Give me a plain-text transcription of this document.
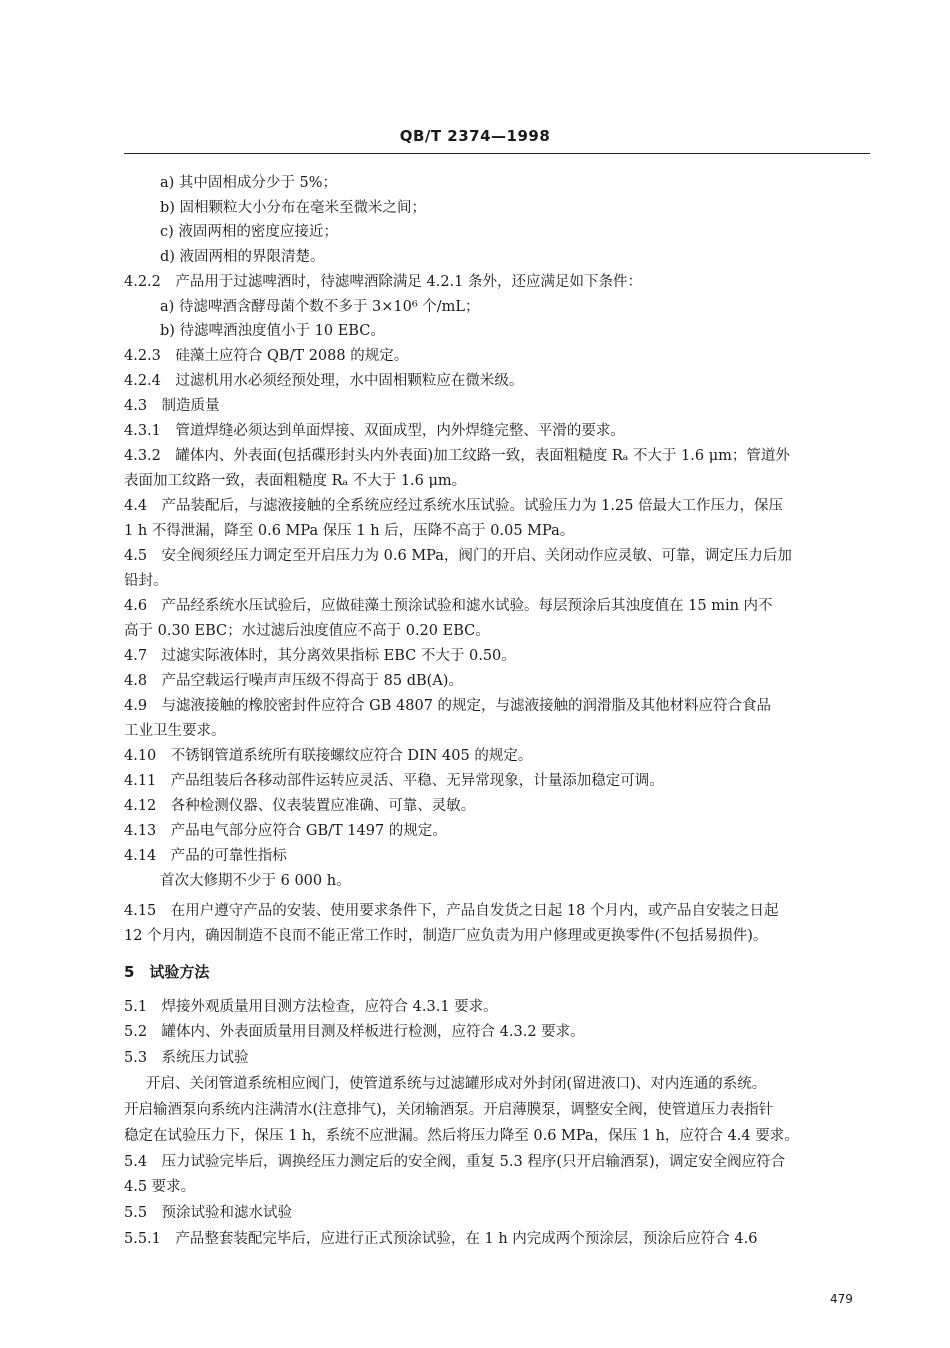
QB/T 2374—1998
a) 其中固相成分少于 5%；
b) 固相颗粒大小分布在毫米至微米之间；
c) 液固两相的密度应接近；
d) 液固两相的界限清楚。
4.2.2　产品用于过滤啤酒时，待滤啤酒除满足 4.2.1 条外，还应满足如下条件：
a) 待滤啤酒含酵母菌个数不多于 3×10⁶ 个/mL；
b) 待滤啤酒浊度值小于 10 EBC。
4.2.3　硅藻土应符合 QB/T 2088 的规定。
4.2.4　过滤机用水必须经预处理，水中固相颗粒应在微米级。
4.3　制造质量
4.3.1　管道焊缝必须达到单面焊接、双面成型，内外焊缝完整、平滑的要求。
4.3.2　罐体内、外表面(包括碟形封头内外表面)加工纹路一致，表面粗糙度 Rₐ 不大于 1.6 μm；管道外
表面加工纹路一致，表面粗糙度 Rₐ 不大于 1.6 μm。
4.4　产品装配后，与滤液接触的全系统应经过系统水压试验。试验压力为 1.25 倍最大工作压力，保压
1 h 不得泄漏，降至 0.6 MPa 保压 1 h 后，压降不高于 0.05 MPa。
4.5　安全阀须经压力调定至开启压力为 0.6 MPa，阀门的开启、关闭动作应灵敏、可靠，调定压力后加
铅封。
4.6　产品经系统水压试验后，应做硅藻土预涂试验和滤水试验。每层预涂后其浊度值在 15 min 内不
高于 0.30 EBC；水过滤后浊度值应不高于 0.20 EBC。
4.7　过滤实际液体时，其分离效果指标 EBC 不大于 0.50。
4.8　产品空载运行噪声声压级不得高于 85 dB(A)。
4.9　与滤液接触的橡胶密封件应符合 GB 4807 的规定，与滤液接触的润滑脂及其他材料应符合食品
工业卫生要求。
4.10　不锈钢管道系统所有联接螺纹应符合 DIN 405 的规定。
4.11　产品组装后各移动部件运转应灵活、平稳、无异常现象，计量添加稳定可调。
4.12　各种检测仪器、仪表装置应准确、可靠、灵敏。
4.13　产品电气部分应符合 GB/T 1497 的规定。
4.14　产品的可靠性指标
首次大修期不少于 6 000 h。
4.15　在用户遵守产品的安装、使用要求条件下，产品自发货之日起 18 个月内，或产品自安装之日起
12 个月内，确因制造不良而不能正常工作时，制造厂应负责为用户修理或更换零件(不包括易损件)。
5　试验方法
5.1　焊接外观质量用目测方法检查，应符合 4.3.1 要求。
5.2　罐体内、外表面质量用目测及样板进行检测，应符合 4.3.2 要求。
5.3　系统压力试验
开启、关闭管道系统相应阀门，使管道系统与过滤罐形成对外封闭(留进液口)、对内连通的系统。
开启输酒泵向系统内注满清水(注意排气)，关闭输酒泵。开启薄膜泵，调整安全阀，使管道压力表指针
稳定在试验压力下，保压 1 h，系统不应泄漏。然后将压力降至 0.6 MPa，保压 1 h，应符合 4.4 要求。
5.4　压力试验完毕后，调换经压力测定后的安全阀，重复 5.3 程序(只开启输酒泵)，调定安全阀应符合
4.5 要求。
5.5　预涂试验和滤水试验
5.5.1　产品整套装配完毕后，应进行正式预涂试验，在 1 h 内完成两个预涂层，预涂后应符合 4.6
479
